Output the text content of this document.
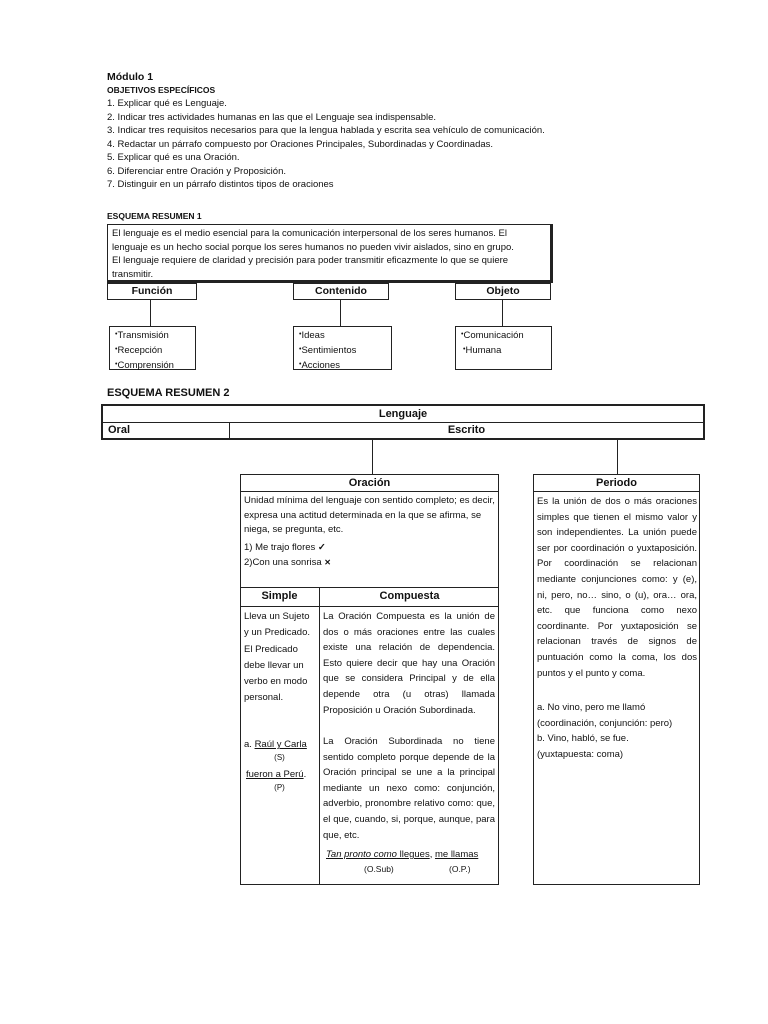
Módulo 1
OBJETIVOS ESPECÍFICOS
1. Explicar qué es Lenguaje.
2. Indicar tres actividades humanas en las que el Lenguaje sea indispensable.
3. Indicar tres requisitos necesarios para que la lengua hablada y escrita sea vehículo de comunicación.
4. Redactar un párrafo compuesto por Oraciones Principales, Subordinadas y Coordinadas.
5. Explicar qué es una Oración.
6. Diferenciar entre Oración y Proposición.
7. Distinguir en un párrafo distintos tipos de oraciones
ESQUEMA RESUMEN 1
El lenguaje es el medio esencial para la comunicación interpersonal de los seres humanos. El
lenguaje es un hecho social porque los seres humanos no pueden vivir aislados, sino en grupo.
El lenguaje requiere de claridad y precisión para poder transmitir eficazmente lo que se quiere
transmitir.
Función	Contenido	Objeto
• Transmisión
• Recepción
• Comprensión
• Ideas
• Sentimientos
• Acciones
• Comunicación
• Humana
ESQUEMA RESUMEN 2
Lenguaje
Oral	Escrito
Oración
Unidad mínima del lenguaje con sentido completo; es decir, expresa una actitud determinada en la que se afirma, se niega, se pregunta, etc.
1) Me trajo flores ✓
2)Con una sonrisa ✕
Simple	Compuesta
Lleva un Sujeto y un Predicado. El Predicado debe llevar un verbo en modo personal.
a. Raúl y Carla
(S)
fueron a Perú.
(P)
La Oración Compuesta es la unión de dos o más oraciones entre las cuales existe una relación de dependencia. Esto quiere decir que hay una Oración que se considera Principal y de ella depende otra (u otras) llamada Proposición u Oración Subordinada.
La Oración Subordinada no tiene sentido completo porque depende de la Oración principal se une a la principal mediante un nexo como: conjunción, adverbio, pronombre relativo como: que, el que, cuando, si, porque, aunque, para que, etc.
Tan pronto como llegues, me llamas
(O.Sub)	(O.P.)
Periodo
Es la unión de dos o más oraciones simples que tienen el mismo valor y son independientes. La unión puede ser por coordinación o yuxtaposición. Por coordinación se relacionan mediante conjunciones como: y (e), ni, pero, no… sino, o (u), ora… ora, etc. que funciona como nexo coordinante. Por yuxtaposición se relacionan través de signos de puntuación como la coma, los dos puntos y el punto y coma.
a. No vino, pero me llamó
(coordinación, conjunción: pero)
b. Vino, habló, se fue.
(yuxtapuesta: coma)
